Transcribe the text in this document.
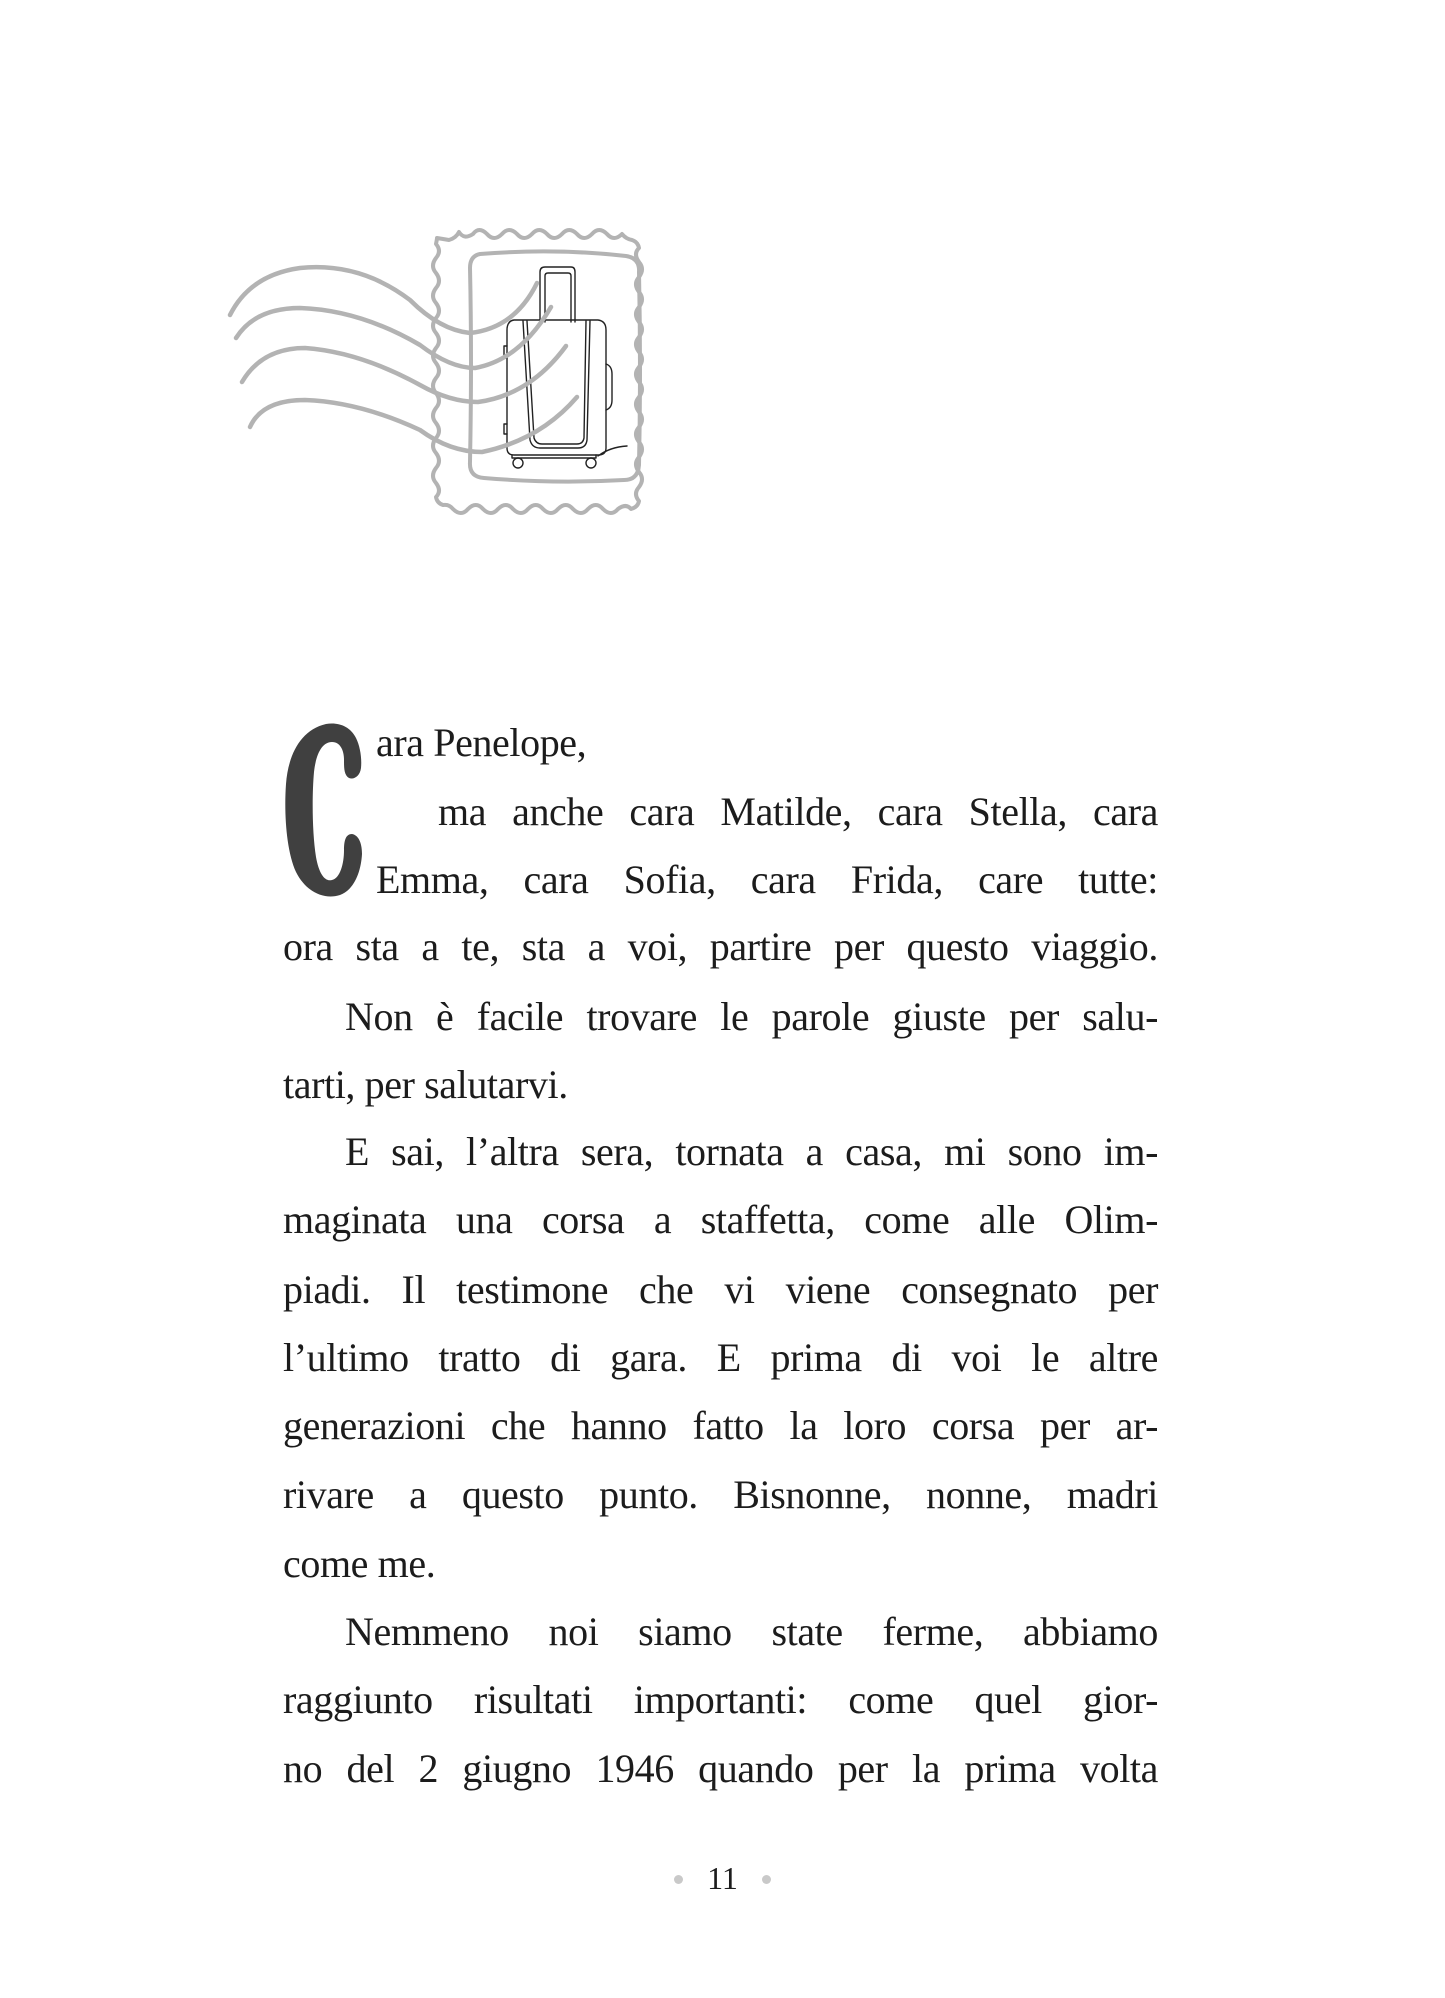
ara Penelope,
ma anche cara Matilde, cara Stella, cara
Emma, cara Sofia, cara Frida, care tutte:
ora sta a te, sta a voi, partire per questo viaggio.
Non è facile trovare le parole giuste per salu-
tarti, per salutarvi.
E sai, l’altra sera, tornata a casa, mi sono im-
maginata una corsa a staffetta, come alle Olim-
piadi. Il testimone che vi viene consegnato per
l’ultimo tratto di gara. E prima di voi le altre
generazioni che hanno fatto la loro corsa per ar-
rivare a questo punto. Bisnonne, nonne, madri
come me.
Nemmeno noi siamo state ferme, abbiamo
raggiunto risultati importanti: come quel gior-
no del 2 giugno 1946 quando per la prima volta
11
